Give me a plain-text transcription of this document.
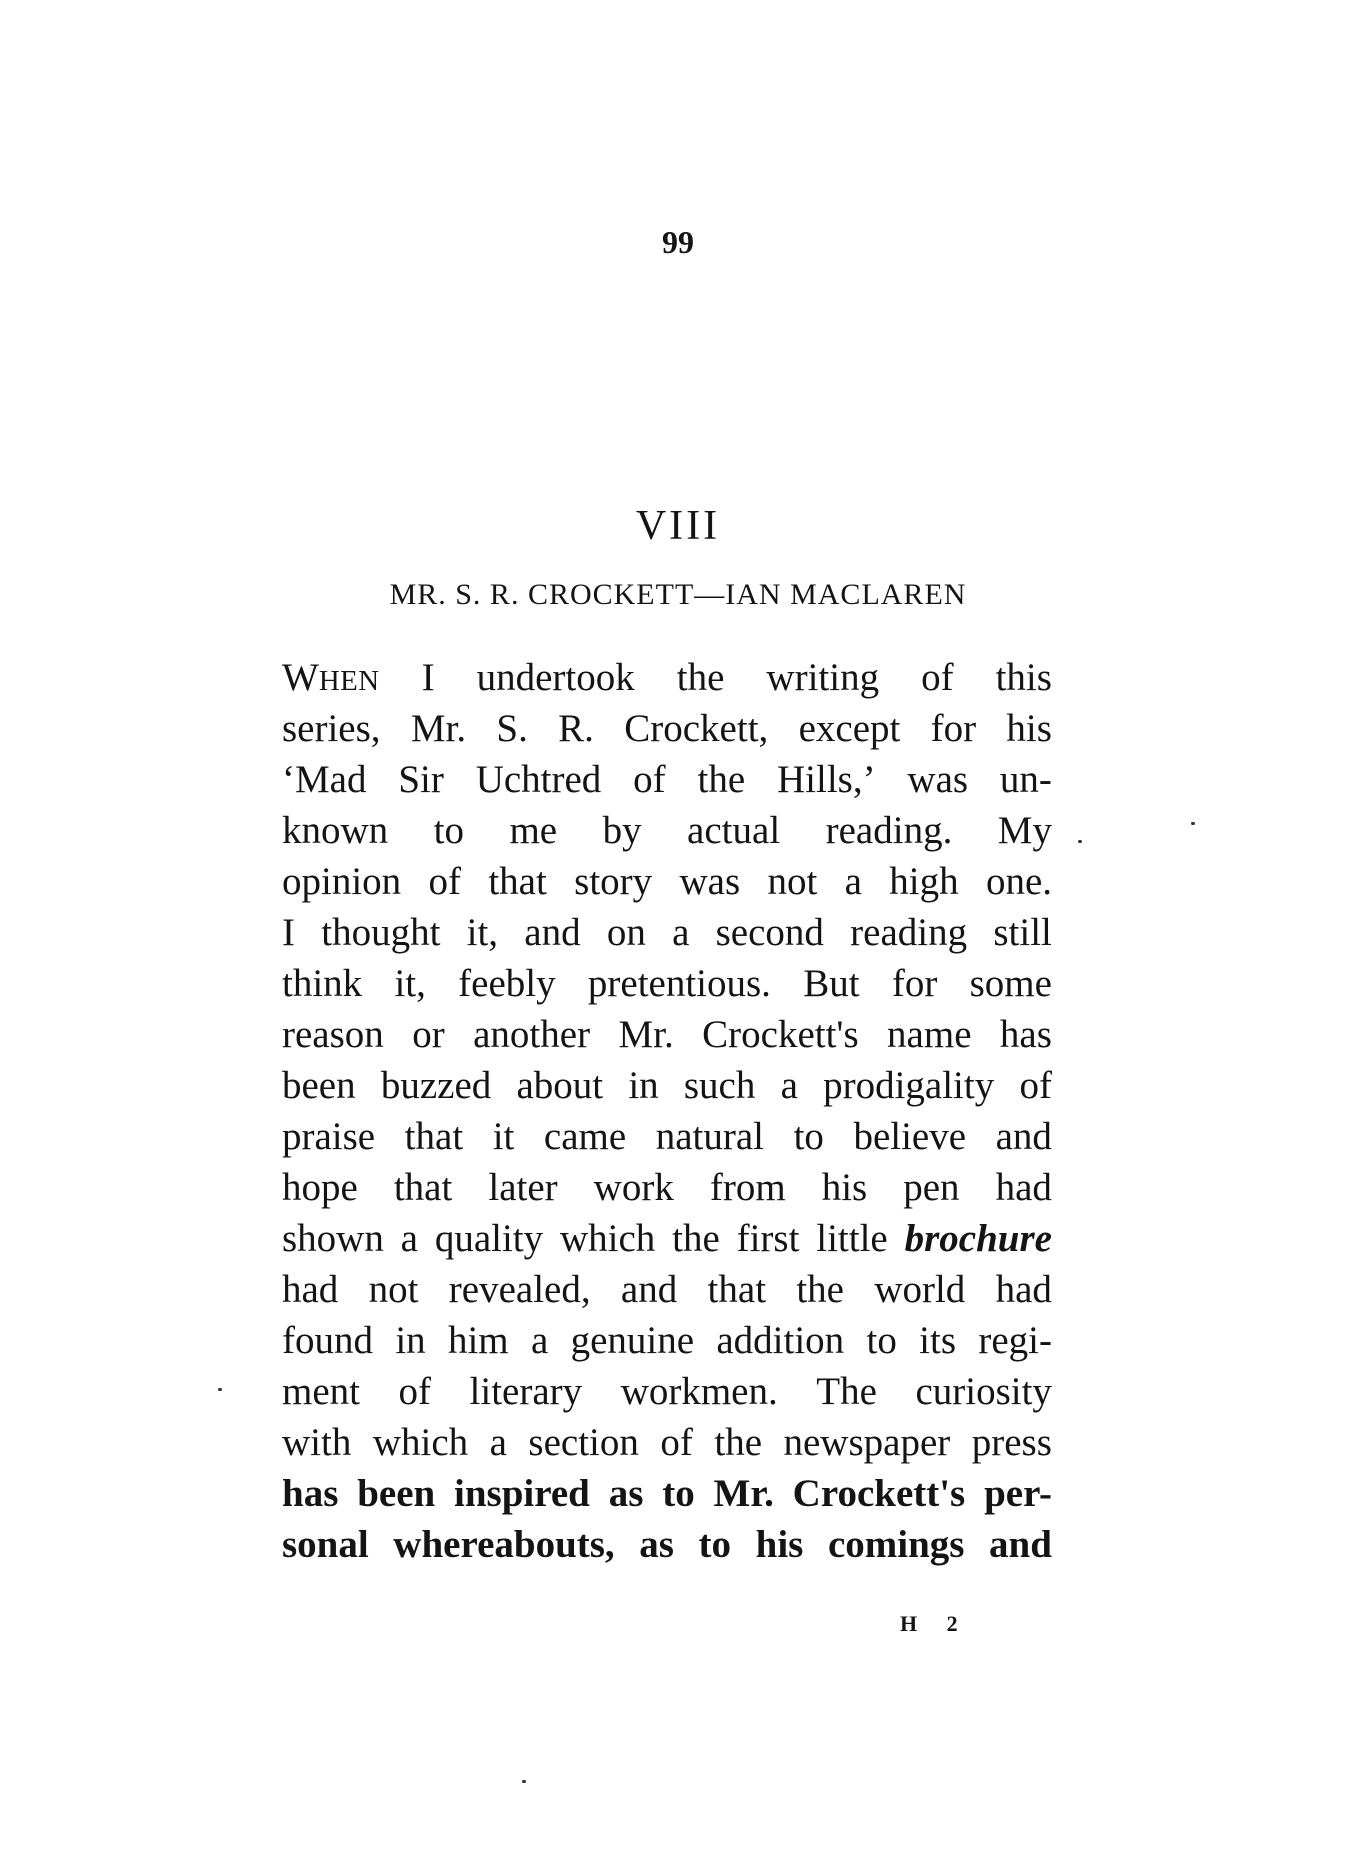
99
VIII
MR. S. R. CROCKETT—IAN MACLAREN
WHEN I undertook the writing of this
series, Mr. S. R. Crockett, except for his
‘Mad Sir Uchtred of the Hills,’ was un-
known to me by actual reading. My
opinion of that story was not a high one.
I thought it, and on a second reading still
think it, feebly pretentious. But for some
reason or another Mr. Crockett's name has
been buzzed about in such a prodigality of
praise that it came natural to believe and
hope that later work from his pen had
shown a quality which the first little brochure
had not revealed, and that the world had
found in him a genuine addition to its regi-
ment of literary workmen. The curiosity
with which a section of the newspaper press
has been inspired as to Mr. Crockett's per-
sonal whereabouts, as to his comings and
H 2
